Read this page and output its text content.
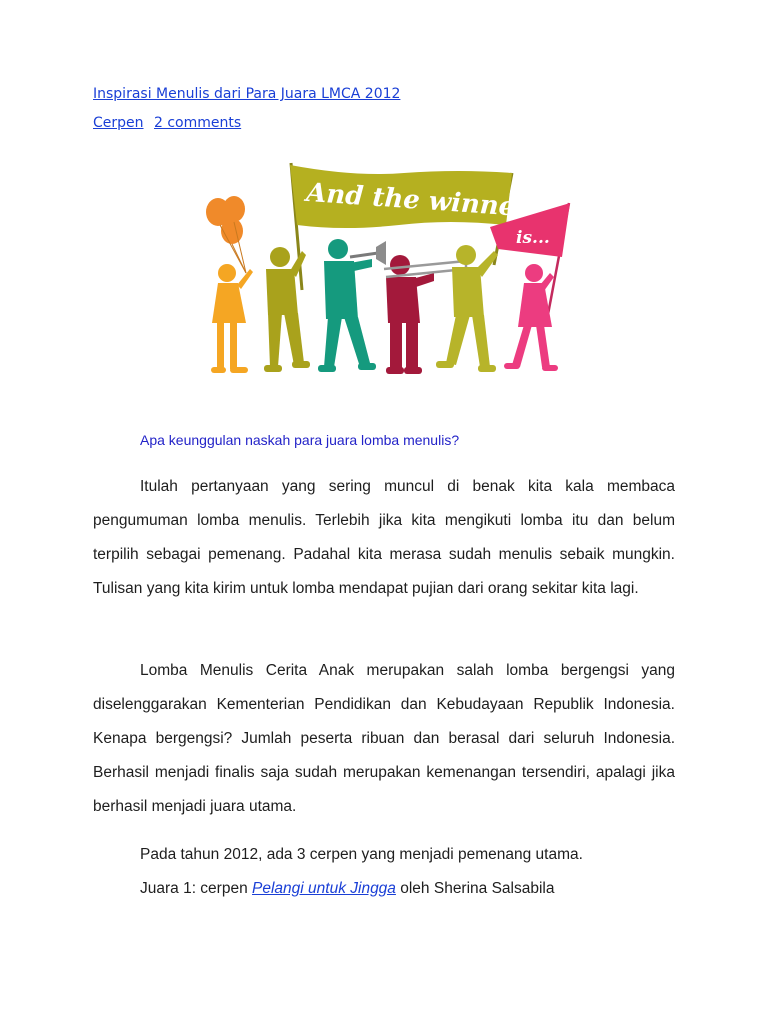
Inspirasi Menulis dari Para Juara LMCA 2012
Cerpen 2 comments
And the winner
is...
Apa keunggulan naskah para juara lomba menulis?

Itulah pertanyaan yang sering muncul di benak kita kala membaca pengumuman lomba menulis. Terlebih jika kita mengikuti lomba itu dan belum terpilih sebagai pemenang. Padahal kita merasa sudah menulis sebaik mungkin. Tulisan yang kita kirim untuk lomba mendapat pujian dari orang sekitar kita lagi.

Lomba Menulis Cerita Anak merupakan salah lomba bergengsi yang diselenggarakan Kementerian Pendidikan dan Kebudayaan Republik Indonesia. Kenapa bergengsi? Jumlah peserta ribuan dan berasal dari seluruh Indonesia. Berhasil menjadi finalis saja sudah merupakan kemenangan tersendiri, apalagi jika berhasil menjadi juara utama.

Pada tahun 2012, ada 3 cerpen yang menjadi pemenang utama.
Juara 1: cerpen Pelangi untuk Jingga oleh Sherina Salsabila
